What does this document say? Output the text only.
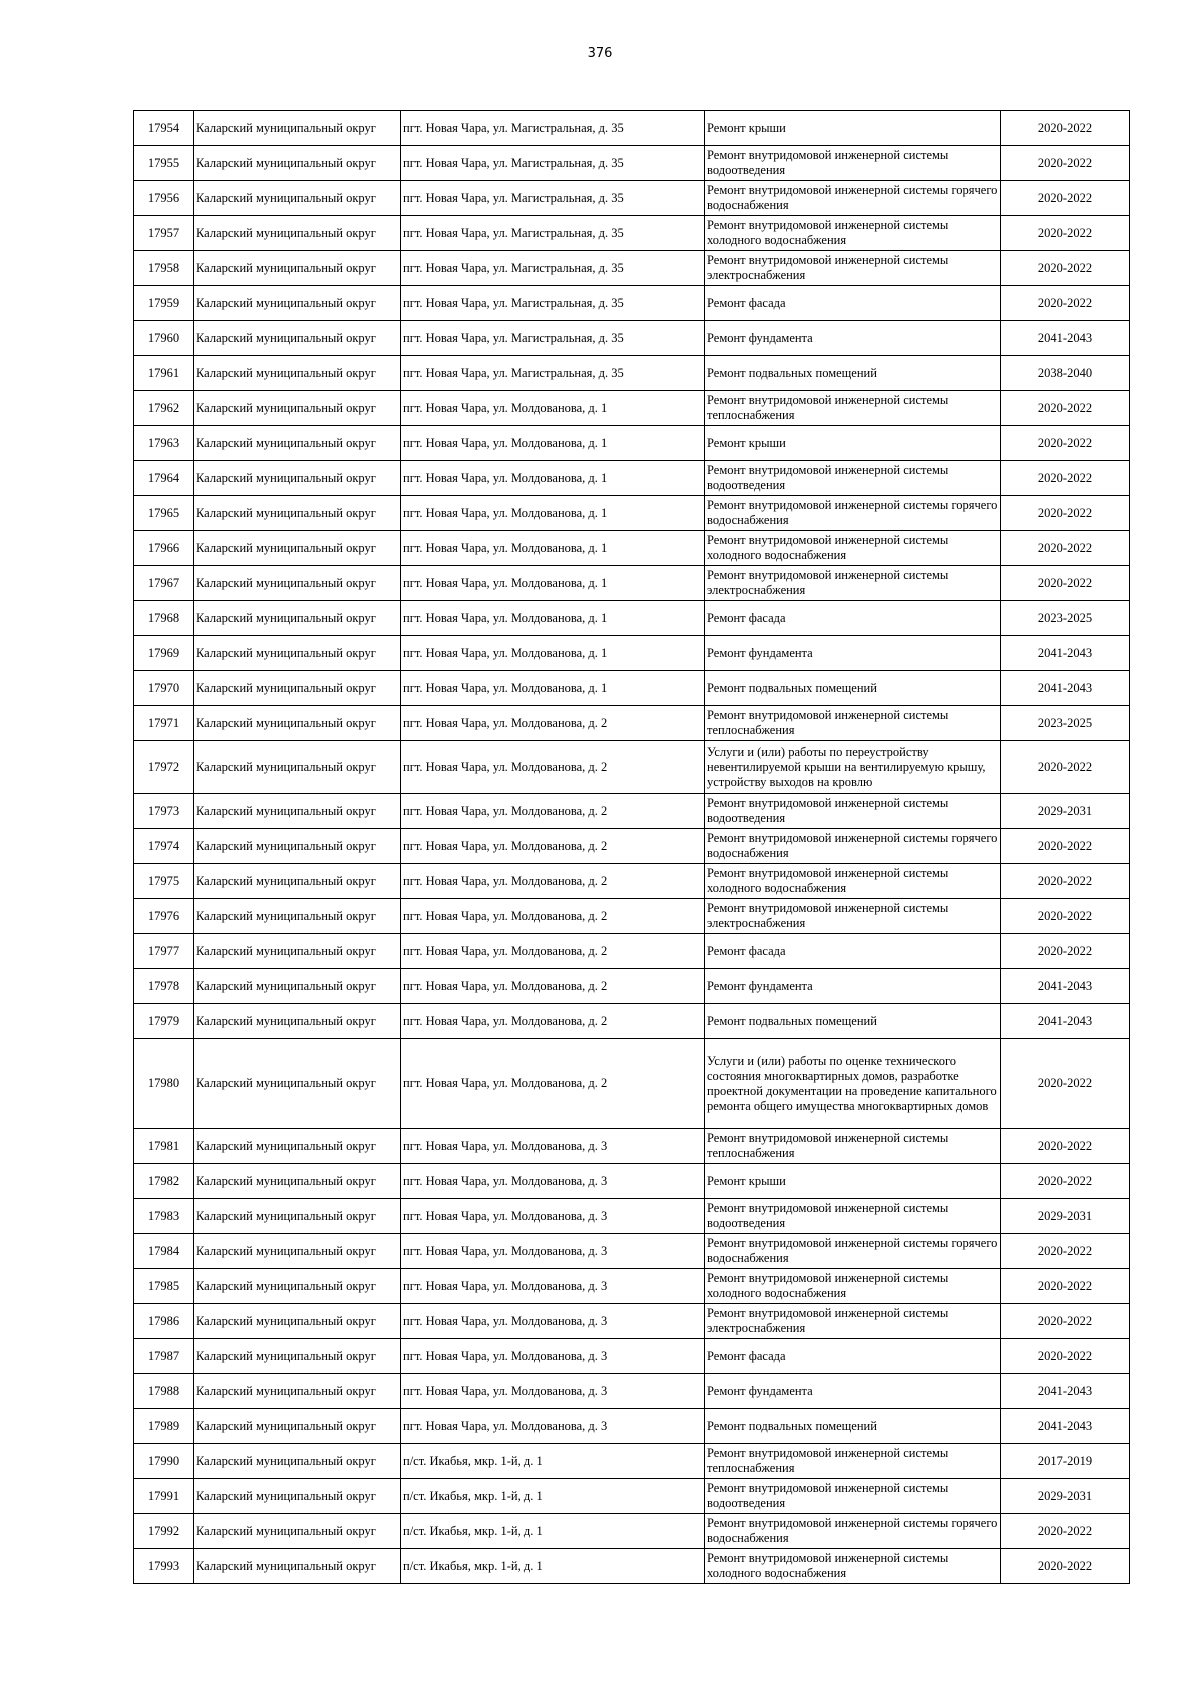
376
17954	Каларский муниципальный округ	пгт. Новая Чара, ул. Магистральная, д. 35	Ремонт крыши	2020-2022
17955	Каларский муниципальный округ	пгт. Новая Чара, ул. Магистральная, д. 35	Ремонт внутридомовой инженерной системы водоотведения	2020-2022
17956	Каларский муниципальный округ	пгт. Новая Чара, ул. Магистральная, д. 35	Ремонт внутридомовой инженерной системы горячего водоснабжения	2020-2022
17957	Каларский муниципальный округ	пгт. Новая Чара, ул. Магистральная, д. 35	Ремонт внутридомовой инженерной системы холодного водоснабжения	2020-2022
17958	Каларский муниципальный округ	пгт. Новая Чара, ул. Магистральная, д. 35	Ремонт внутридомовой инженерной системы электроснабжения	2020-2022
17959	Каларский муниципальный округ	пгт. Новая Чара, ул. Магистральная, д. 35	Ремонт фасада	2020-2022
17960	Каларский муниципальный округ	пгт. Новая Чара, ул. Магистральная, д. 35	Ремонт фундамента	2041-2043
17961	Каларский муниципальный округ	пгт. Новая Чара, ул. Магистральная, д. 35	Ремонт подвальных помещений	2038-2040
17962	Каларский муниципальный округ	пгт. Новая Чара, ул. Молдованова, д. 1	Ремонт внутридомовой инженерной системы теплоснабжения	2020-2022
17963	Каларский муниципальный округ	пгт. Новая Чара, ул. Молдованова, д. 1	Ремонт крыши	2020-2022
17964	Каларский муниципальный округ	пгт. Новая Чара, ул. Молдованова, д. 1	Ремонт внутридомовой инженерной системы водоотведения	2020-2022
17965	Каларский муниципальный округ	пгт. Новая Чара, ул. Молдованова, д. 1	Ремонт внутридомовой инженерной системы горячего водоснабжения	2020-2022
17966	Каларский муниципальный округ	пгт. Новая Чара, ул. Молдованова, д. 1	Ремонт внутридомовой инженерной системы холодного водоснабжения	2020-2022
17967	Каларский муниципальный округ	пгт. Новая Чара, ул. Молдованова, д. 1	Ремонт внутридомовой инженерной системы электроснабжения	2020-2022
17968	Каларский муниципальный округ	пгт. Новая Чара, ул. Молдованова, д. 1	Ремонт фасада	2023-2025
17969	Каларский муниципальный округ	пгт. Новая Чара, ул. Молдованова, д. 1	Ремонт фундамента	2041-2043
17970	Каларский муниципальный округ	пгт. Новая Чара, ул. Молдованова, д. 1	Ремонт подвальных помещений	2041-2043
17971	Каларский муниципальный округ	пгт. Новая Чара, ул. Молдованова, д. 2	Ремонт внутридомовой инженерной системы теплоснабжения	2023-2025
17972	Каларский муниципальный округ	пгт. Новая Чара, ул. Молдованова, д. 2	Услуги и (или) работы по переустройству невентилируемой крыши на вентилируемую крышу, устройству выходов на кровлю	2020-2022
17973	Каларский муниципальный округ	пгт. Новая Чара, ул. Молдованова, д. 2	Ремонт внутридомовой инженерной системы водоотведения	2029-2031
17974	Каларский муниципальный округ	пгт. Новая Чара, ул. Молдованова, д. 2	Ремонт внутридомовой инженерной системы горячего водоснабжения	2020-2022
17975	Каларский муниципальный округ	пгт. Новая Чара, ул. Молдованова, д. 2	Ремонт внутридомовой инженерной системы холодного водоснабжения	2020-2022
17976	Каларский муниципальный округ	пгт. Новая Чара, ул. Молдованова, д. 2	Ремонт внутридомовой инженерной системы электроснабжения	2020-2022
17977	Каларский муниципальный округ	пгт. Новая Чара, ул. Молдованова, д. 2	Ремонт фасада	2020-2022
17978	Каларский муниципальный округ	пгт. Новая Чара, ул. Молдованова, д. 2	Ремонт фундамента	2041-2043
17979	Каларский муниципальный округ	пгт. Новая Чара, ул. Молдованова, д. 2	Ремонт подвальных помещений	2041-2043
17980	Каларский муниципальный округ	пгт. Новая Чара, ул. Молдованова, д. 2	Услуги и (или) работы по оценке технического состояния многоквартирных домов, разработке проектной документации на проведение капитального ремонта общего имущества многоквартирных домов	2020-2022
17981	Каларский муниципальный округ	пгт. Новая Чара, ул. Молдованова, д. 3	Ремонт внутридомовой инженерной системы теплоснабжения	2020-2022
17982	Каларский муниципальный округ	пгт. Новая Чара, ул. Молдованова, д. 3	Ремонт крыши	2020-2022
17983	Каларский муниципальный округ	пгт. Новая Чара, ул. Молдованова, д. 3	Ремонт внутридомовой инженерной системы водоотведения	2029-2031
17984	Каларский муниципальный округ	пгт. Новая Чара, ул. Молдованова, д. 3	Ремонт внутридомовой инженерной системы горячего водоснабжения	2020-2022
17985	Каларский муниципальный округ	пгт. Новая Чара, ул. Молдованова, д. 3	Ремонт внутридомовой инженерной системы холодного водоснабжения	2020-2022
17986	Каларский муниципальный округ	пгт. Новая Чара, ул. Молдованова, д. 3	Ремонт внутридомовой инженерной системы электроснабжения	2020-2022
17987	Каларский муниципальный округ	пгт. Новая Чара, ул. Молдованова, д. 3	Ремонт фасада	2020-2022
17988	Каларский муниципальный округ	пгт. Новая Чара, ул. Молдованова, д. 3	Ремонт фундамента	2041-2043
17989	Каларский муниципальный округ	пгт. Новая Чара, ул. Молдованова, д. 3	Ремонт подвальных помещений	2041-2043
17990	Каларский муниципальный округ	п/ст. Икабья, мкр. 1-й, д. 1	Ремонт внутридомовой инженерной системы теплоснабжения	2017-2019
17991	Каларский муниципальный округ	п/ст. Икабья, мкр. 1-й, д. 1	Ремонт внутридомовой инженерной системы водоотведения	2029-2031
17992	Каларский муниципальный округ	п/ст. Икабья, мкр. 1-й, д. 1	Ремонт внутридомовой инженерной системы горячего водоснабжения	2020-2022
17993	Каларский муниципальный округ	п/ст. Икабья, мкр. 1-й, д. 1	Ремонт внутридомовой инженерной системы холодного водоснабжения	2020-2022
